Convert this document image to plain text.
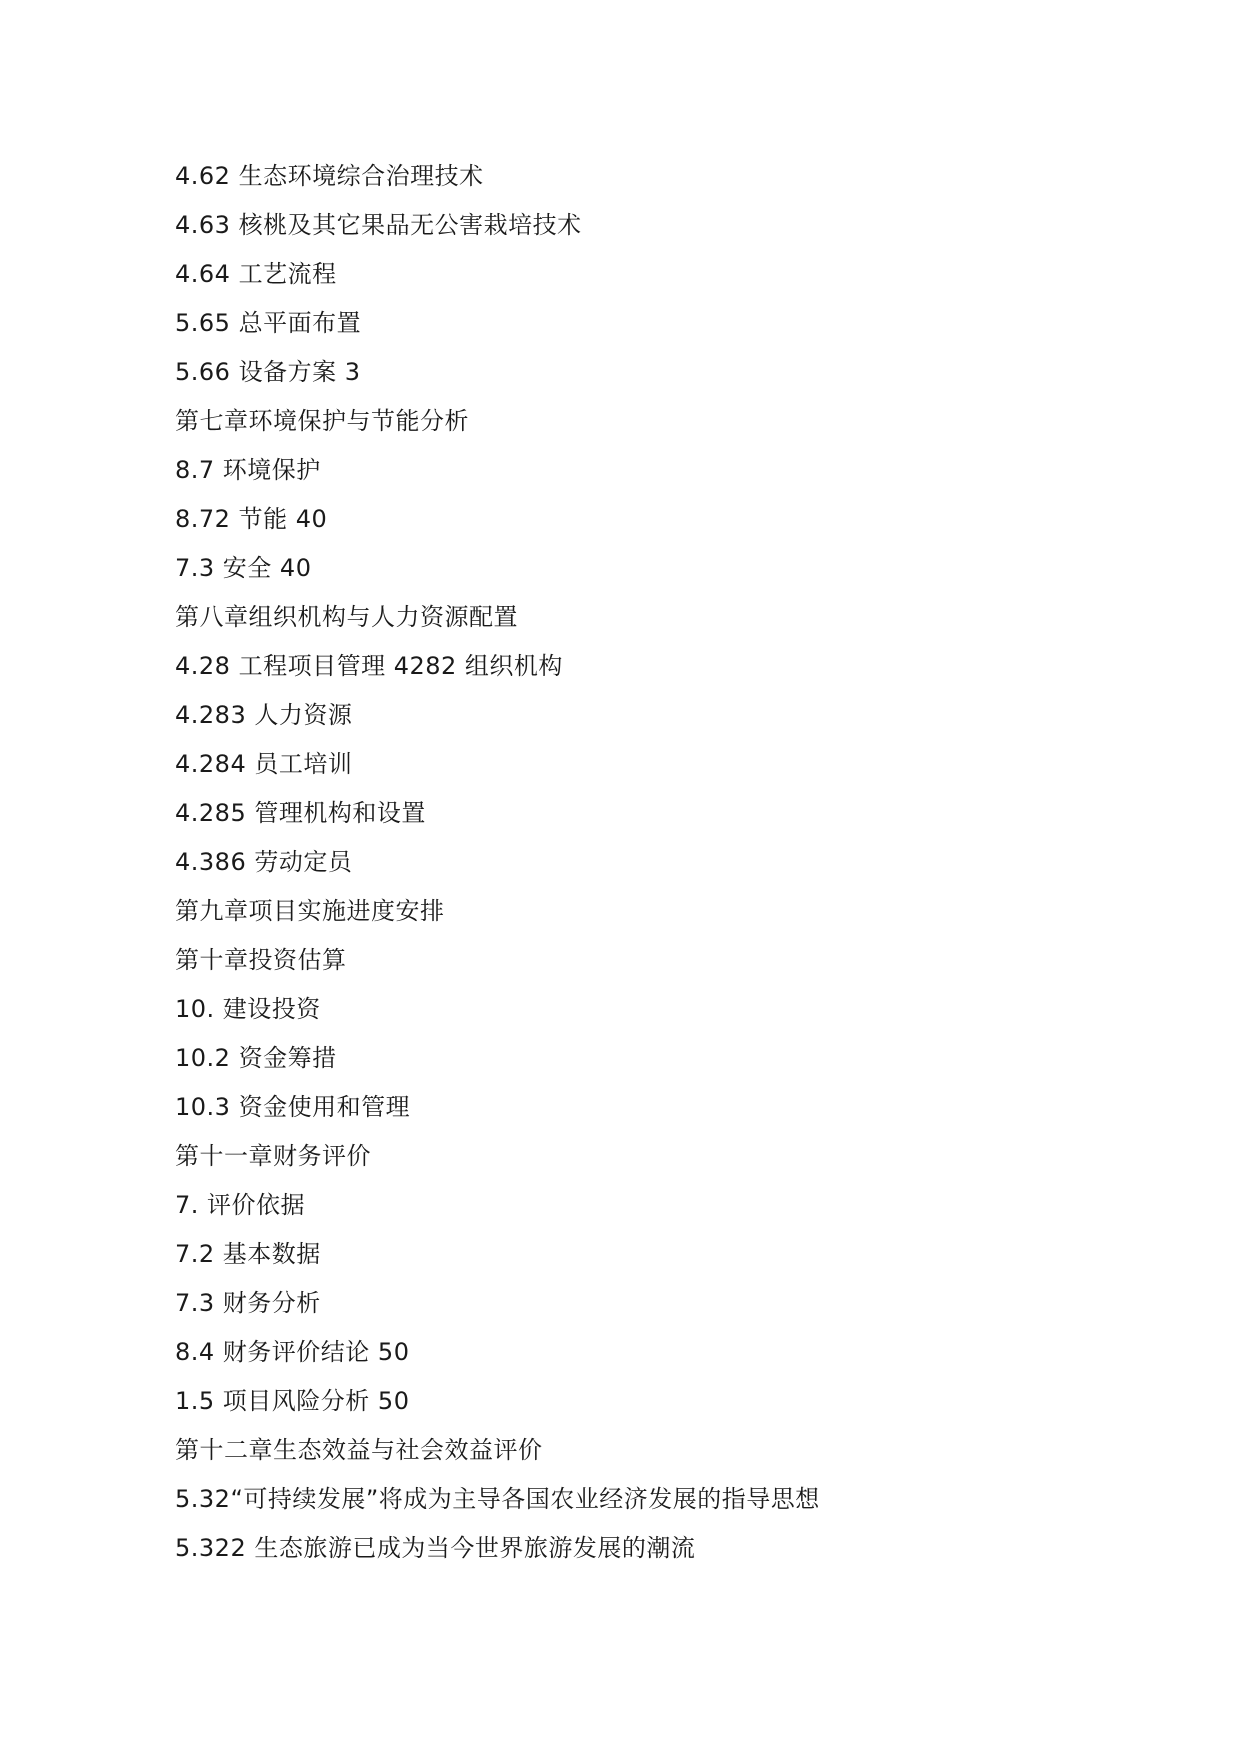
4.62 生态环境综合治理技术
4.63 核桃及其它果品无公害栽培技术
4.64 工艺流程
5.65 总平面布置
5.66 设备方案 3
第七章环境保护与节能分析
8.7 环境保护
8.72 节能 40
7.3 安全 40
第八章组织机构与人力资源配置
4.28 工程项目管理 4282 组织机构
4.283 人力资源
4.284 员工培训
4.285 管理机构和设置
4.386 劳动定员
第九章项目实施进度安排
第十章投资估算
10. 建设投资
10.2 资金筹措
10.3 资金使用和管理
第十一章财务评价
7. 评价依据
7.2 基本数据
7.3 财务分析
8.4 财务评价结论 50
1.5 项目风险分析 50
第十二章生态效益与社会效益评价
5.32“可持续发展”将成为主导各国农业经济发展的指导思想
5.322 生态旅游已成为当今世界旅游发展的潮流
